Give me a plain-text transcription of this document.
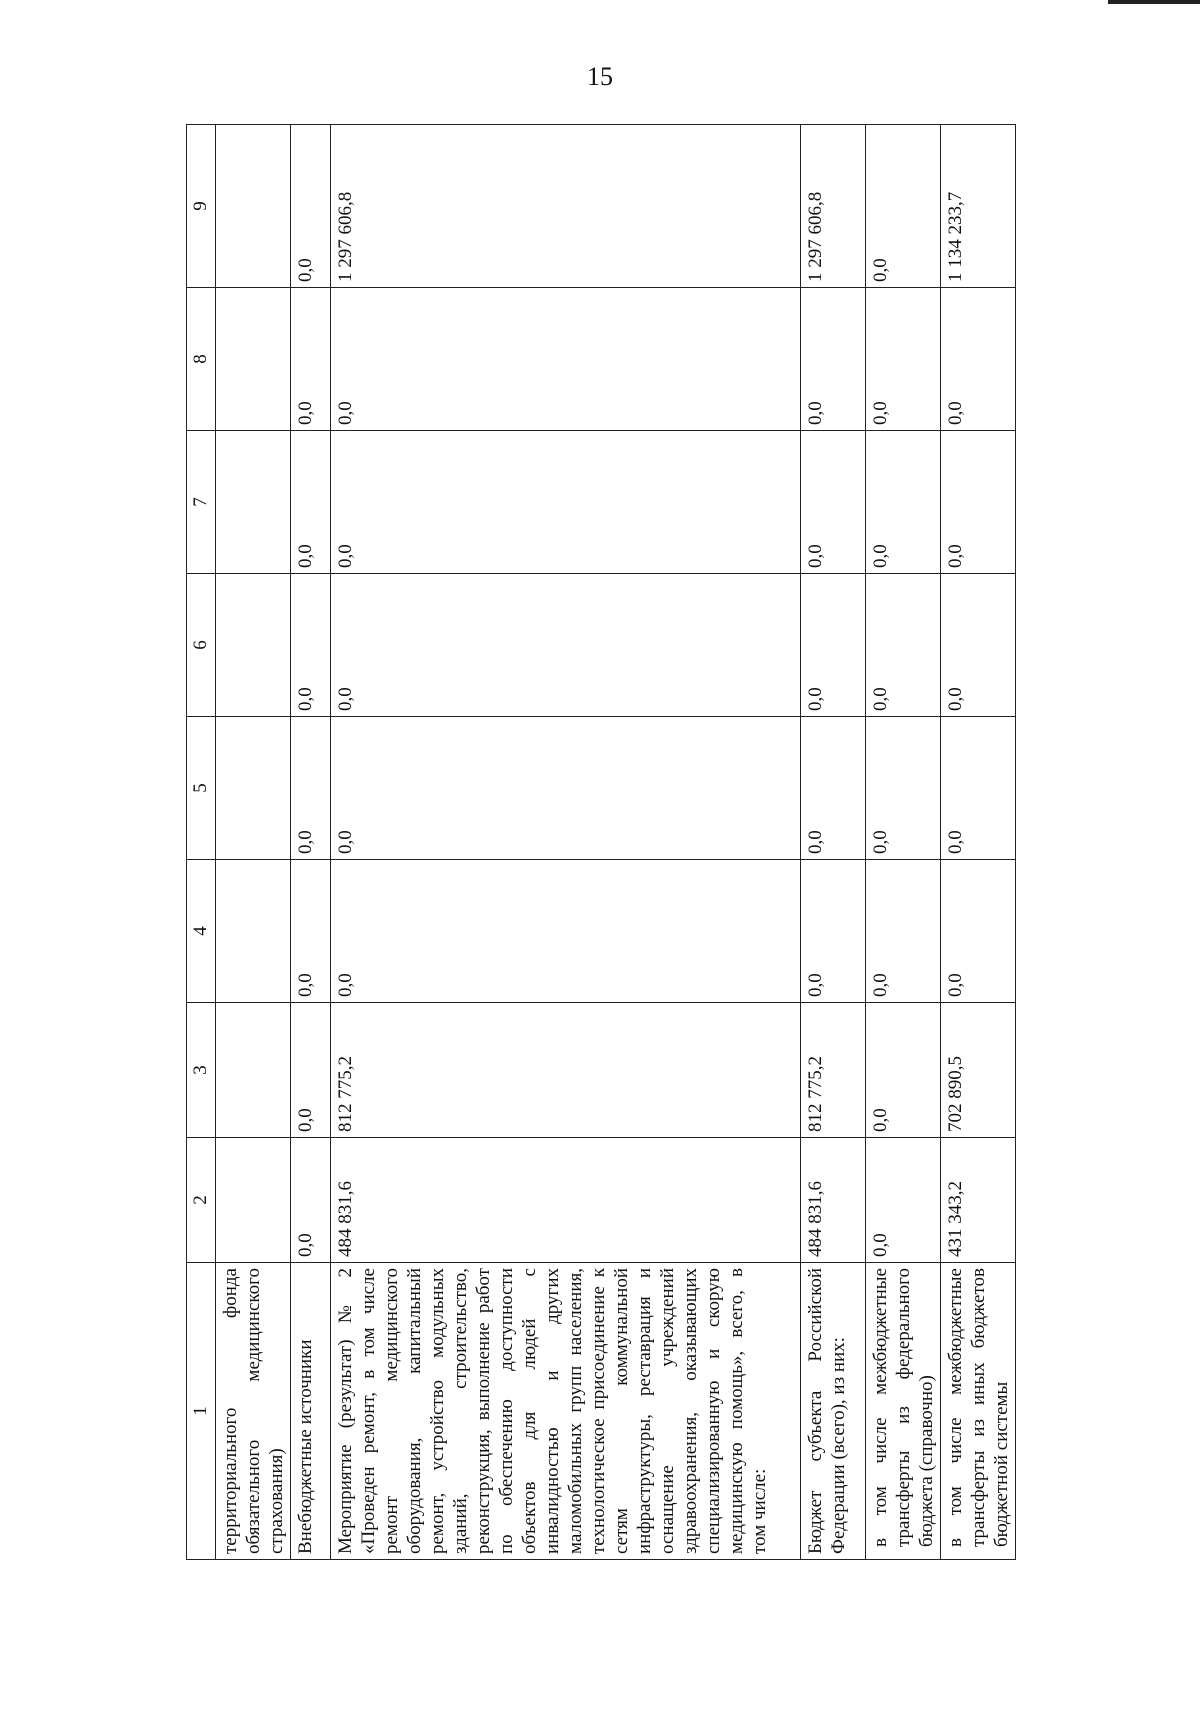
15
1	2	3	4	5	6	7	8	9
территориального фонда обязательного медицинского страхования)								
Внебюджетные источники	0,0	0,0	0,0	0,0	0,0	0,0	0,0	0,0
Мероприятие (результат) № 2 «Проведен ремонт, в том числе ремонт медицинского оборудования, капитальный ремонт, устройство модульных зданий, строительство, реконструкция, выполнение работ по обеспечению доступности объектов для людей с инвалидностью и других маломобильных групп населения, технологическое присоединение к сетям коммунальной инфраструктуры, реставрация и оснащение учреждений здравоохранения, оказывающих специализированную и скорую медицинскую помощь», всего, в том числе:	484 831,6	812 775,2	0,0	0,0	0,0	0,0	0,0	1 297 606,8
Бюджет субъекта Российской Федерации (всего), из них:	484 831,6	812 775,2	0,0	0,0	0,0	0,0	0,0	1 297 606,8
в том числе межбюджетные трансферты из федерального бюджета (справочно)	0,0	0,0	0,0	0,0	0,0	0,0	0,0	0,0
в том числе межбюджетные трансферты из иных бюджетов бюджетной системы	431 343,2	702 890,5	0,0	0,0	0,0	0,0	0,0	1 134 233,7
